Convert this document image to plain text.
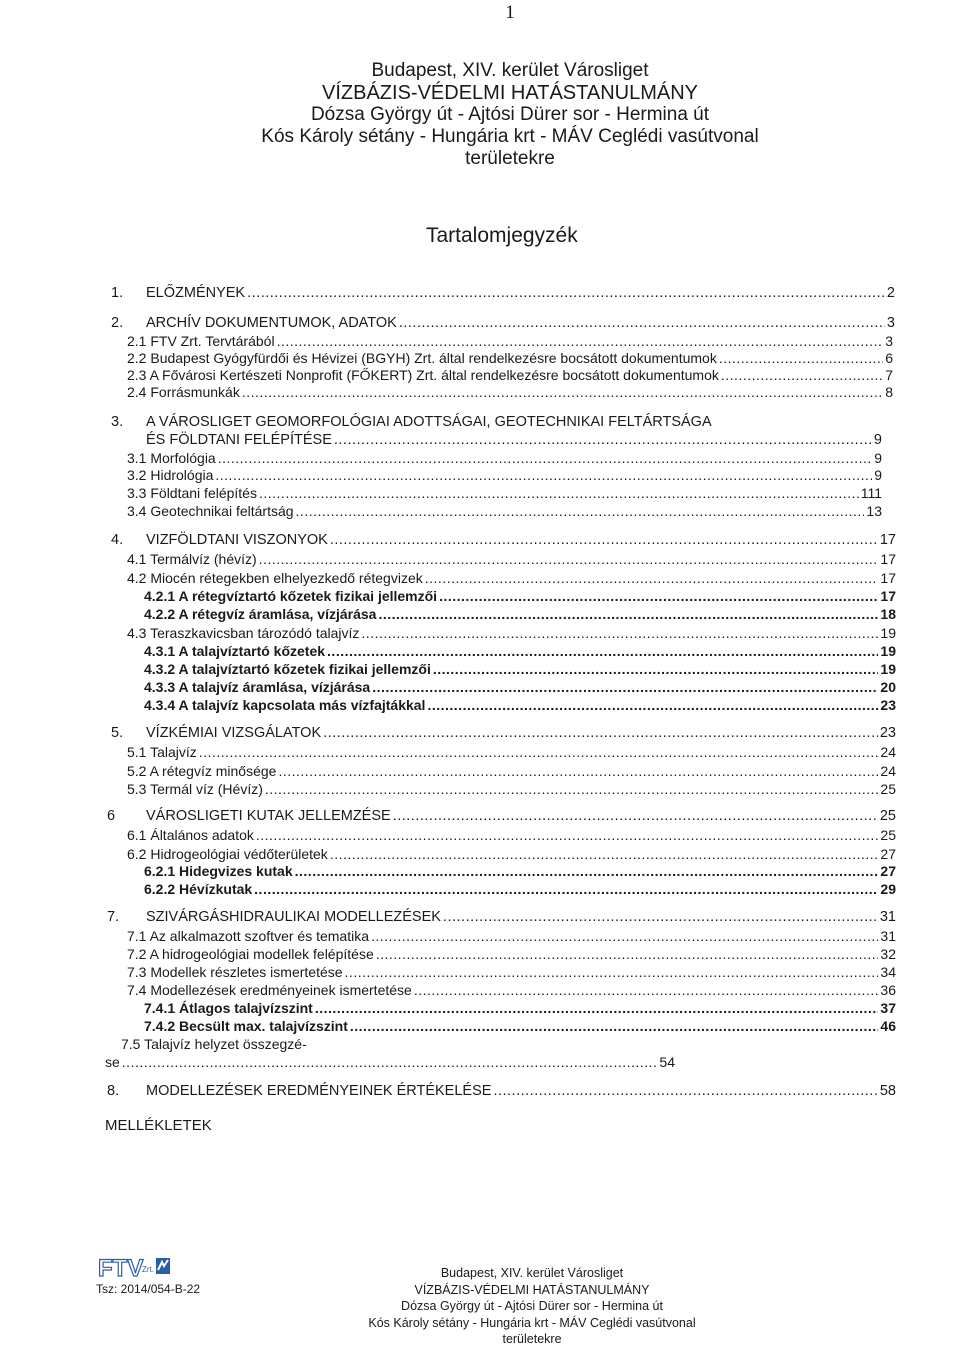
1
Budapest, XIV. kerület Városliget
VÍZBÁZIS-VÉDELMI HATÁSTANULMÁNY
Dózsa György út - Ajtósi Dürer sor - Hermina út
Kós Károly sétány - Hungária krt - MÁV Ceglédi vasútvonal
területekre
Tartalomjegyzék
1.	ELŐZMÉNYEK .....	2
2.	ARCHÍV DOKUMENTUMOK, ADATOK .....	3
2.1 FTV Zrt. Tervtárából .....	3
2.2 Budapest Gyógyfürdői és Hévizei (BGYH) Zrt. által rendelkezésre bocsátott dokumentumok .....	6
2.3 A Fővárosi Kertészeti Nonprofit (FŐKERT) Zrt. által rendelkezésre bocsátott dokumentumok .....	7
2.4 Forrásmunkák .....	8
3.	A VÁROSLIGET GEOMORFOLÓGIAI ADOTTSÁGAI, GEOTECHNIKAI FELTÁRTSÁGA
ÉS FÖLDTANI FELÉPÍTÉSE .....	9
3.1 Morfológia .....	9
3.2 Hidrológia .....	9
3.3 Földtani felépítés .....	111
3.4 Geotechnikai feltártság .....	13
4.	VIZFÖLDTANI VISZONYOK .....	17
4.1 Termálvíz (hévíz) .....	17
4.2 Miocén rétegekben elhelyezkedő rétegvizek .....	17
4.2.1 A rétegvíztartó kőzetek fizikai jellemzői .....	17
4.2.2 A rétegvíz áramlása, vízjárása .....	18
4.3 Teraszkavicsban tározódó talajvíz .....	19
4.3.1 A talajvíztartó kőzetek .....	19
4.3.2 A talajvíztartó kőzetek fizikai jellemzői .....	19
4.3.3 A talajvíz áramlása, vízjárása .....	20
4.3.4 A talajvíz kapcsolata más vízfajtákkal .....	23
5.	VÍZKÉMIAI VIZSGÁLATOK .....	23
5.1 Talajvíz .....	24
5.2 A rétegvíz minősége .....	24
5.3 Termál víz (Hévíz) .....	25
6	VÁROSLIGETI KUTAK JELLEMZÉSE .....	25
6.1 Általános adatok .....	25
6.2 Hidrogeológiai védőterületek .....	27
6.2.1 Hidegvizes kutak .....	27
6.2.2 Hévízkutak .....	29
7.	SZIVÁRGÁSHIDRAULIKAI MODELLEZÉSEK .....	31
7.1 Az alkalmazott szoftver és tematika .....	31
7.2 A hidrogeológiai modellek felépítése .....	32
7.3 Modellek részletes ismertetése .....	34
7.4 Modellezések eredményeinek ismertetése .....	36
7.4.1 Átlagos talajvízszint .....	37
7.4.2 Becsült max. talajvízszint .....	46
7.5 Talajvíz helyzet összegzé-
se .....	54
8.	MODELLEZÉSEK EREDMÉNYEINEK ÉRTÉKELÉSE .....	58
MELLÉKLETEK
FTV
Zrt.
Tsz: 2014/054-B-22
Budapest, XIV. kerület Városliget
VÍZBÁZIS-VÉDELMI HATÁSTANULMÁNY
Dózsa György út - Ajtósi Dürer sor - Hermina út
Kós Károly sétány - Hungária krt - MÁV Ceglédi vasútvonal
területekre
